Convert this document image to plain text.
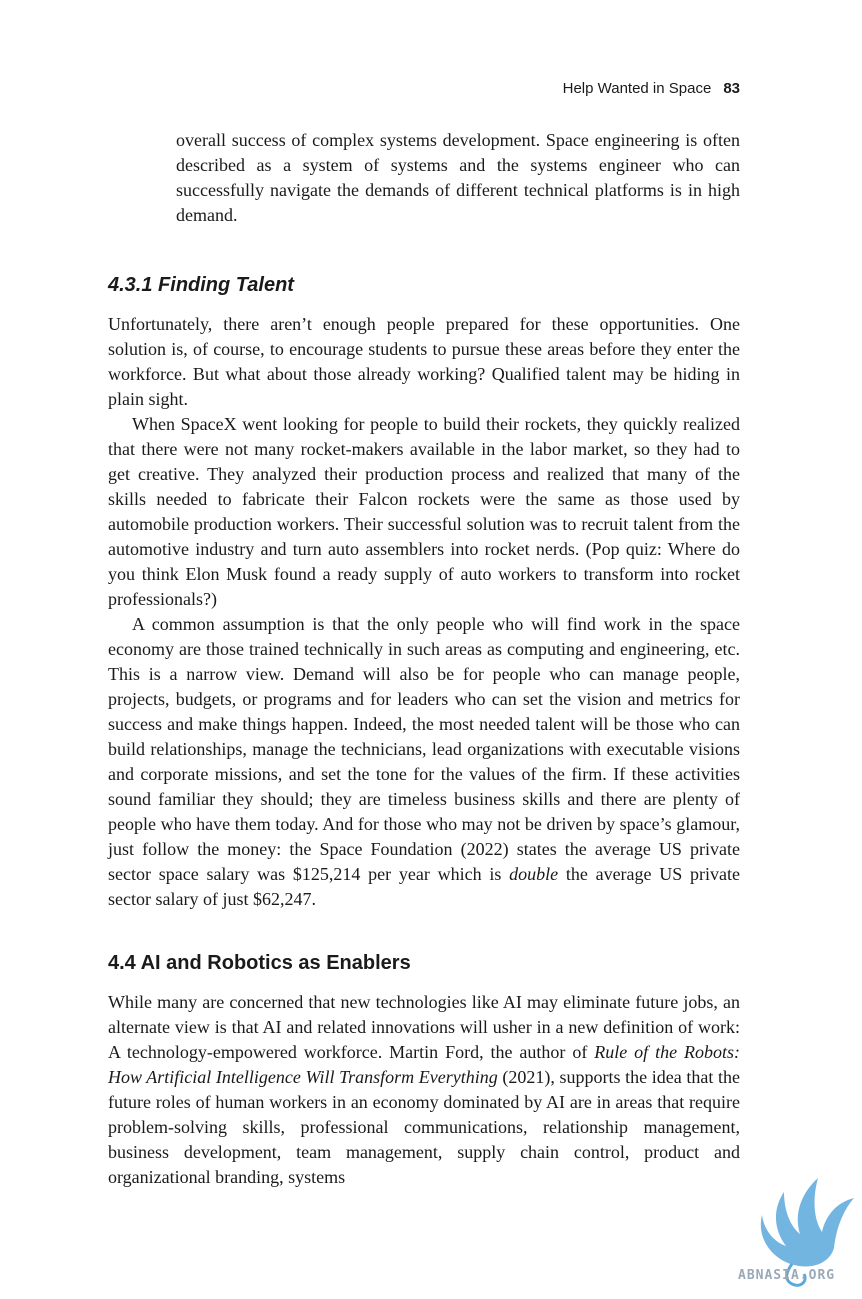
Help Wanted in Space 83

overall success of complex systems development. Space engineering is often described as a system of systems and the systems engineer who can successfully navigate the demands of different technical platforms is in high demand.

4.3.1 Finding Talent

Unfortunately, there aren’t enough people prepared for these opportunities. One solution is, of course, to encourage students to pursue these areas before they enter the workforce. But what about those already working? Qualified talent may be hiding in plain sight.

When SpaceX went looking for people to build their rockets, they quickly realized that there were not many rocket-makers available in the labor market, so they had to get creative. They analyzed their production process and realized that many of the skills needed to fabricate their Falcon rockets were the same as those used by automobile production workers. Their successful solution was to recruit talent from the automotive industry and turn auto assemblers into rocket nerds. (Pop quiz: Where do you think Elon Musk found a ready supply of auto workers to transform into rocket professionals?)

A common assumption is that the only people who will find work in the space economy are those trained technically in such areas as computing and engineering, etc. This is a narrow view. Demand will also be for people who can manage people, projects, budgets, or programs and for leaders who can set the vision and metrics for success and make things happen. Indeed, the most needed talent will be those who can build relationships, manage the technicians, lead organizations with executable visions and corporate missions, and set the tone for the values of the firm. If these activities sound familiar they should; they are timeless business skills and there are plenty of people who have them today. And for those who may not be driven by space’s glamour, just follow the money: the Space Foundation (2022) states the average US private sector space salary was $125,214 per year which is double the average US private sector salary of just $62,247.

4.4 AI and Robotics as Enablers

While many are concerned that new technologies like AI may eliminate future jobs, an alternate view is that AI and related innovations will usher in a new definition of work: A technology-empowered workforce. Martin Ford, the author of Rule of the Robots: How Artificial Intelligence Will Transform Everything (2021), supports the idea that the future roles of human workers in an economy dominated by AI are in areas that require problem-solving skills, professional communications, relationship management, business development, team management, supply chain control, product and organizational branding, systems

ABNASIA.ORG
